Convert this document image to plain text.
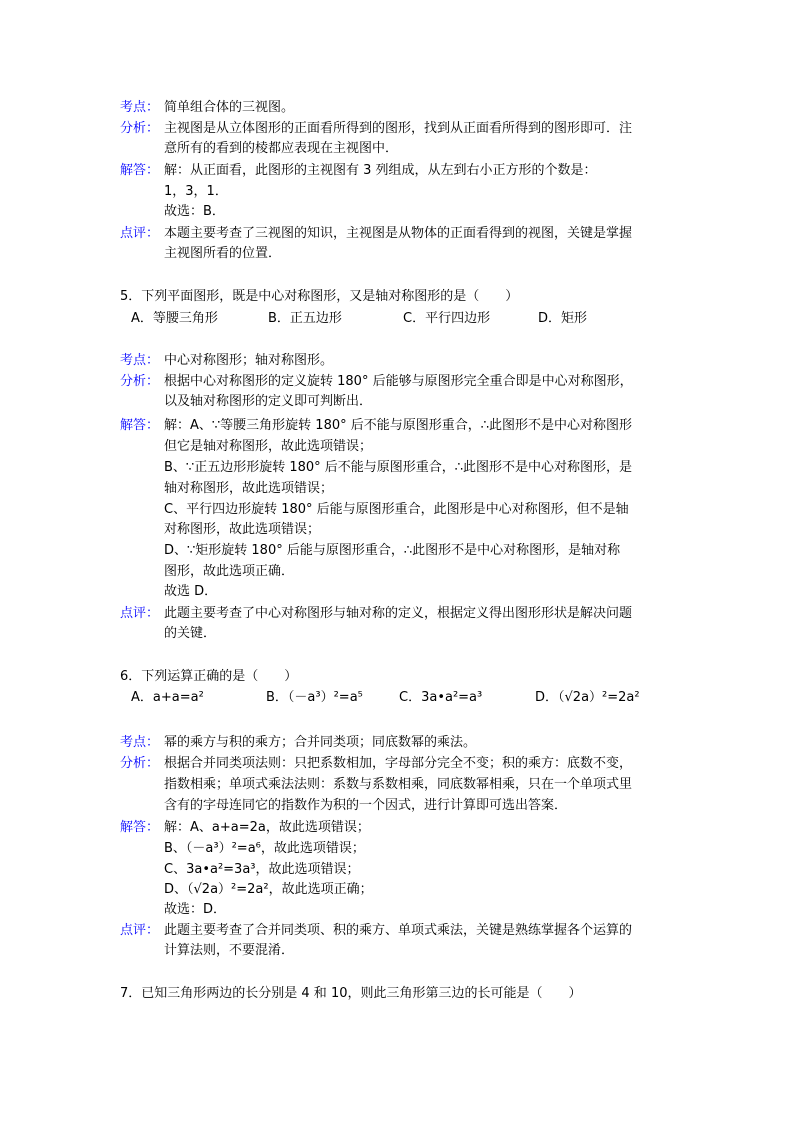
考点： 简单组合体的三视图。
分析： 主视图是从立体图形的正面看所得到的图形，找到从正面看所得到的图形即可．注
意所有的看到的棱都应表现在主视图中．
解答： 解：从正面看，此图形的主视图有 3 列组成，从左到右小正方形的个数是：
1，3，1．
故选：B．
点评： 本题主要考查了三视图的知识，主视图是从物体的正面看得到的视图，关键是掌握
主视图所看的位置．
5．下列平面图形，既是中心对称图形，又是轴对称图形的是（　　）
A．等腰三角形	B．正五边形	C．平行四边形	D．矩形
考点： 中心对称图形；轴对称图形。
分析： 根据中心对称图形的定义旋转 180° 后能够与原图形完全重合即是中心对称图形，
以及轴对称图形的定义即可判断出．
解答： 解：A、∵等腰三角形旋转 180° 后不能与原图形重合，∴此图形不是中心对称图形
但它是轴对称图形，故此选项错误；
B、∵正五边形形旋转 180° 后不能与原图形重合，∴此图形不是中心对称图形，是
轴对称图形，故此选项错误；
C、平行四边形旋转 180° 后能与原图形重合，此图形是中心对称图形，但不是轴
对称图形，故此选项错误；
D、∵矩形旋转 180° 后能与原图形重合，∴此图形不是中心对称图形，是轴对称
图形，故此选项正确．
故选 D．
点评： 此题主要考查了中心对称图形与轴对称的定义，根据定义得出图形形状是解决问题
的关键．
6．下列运算正确的是（　　）
A．a+a=a²	B．（－a³）²=a⁵	C．3a•a²=a³	D．（√2a）²=2a²
考点： 幂的乘方与积的乘方；合并同类项；同底数幂的乘法。
分析： 根据合并同类项法则：只把系数相加，字母部分完全不变；积的乘方：底数不变，
指数相乘；单项式乘法法则：系数与系数相乘，同底数幂相乘，只在一个单项式里
含有的字母连同它的指数作为积的一个因式，进行计算即可选出答案．
解答： 解：A、a+a=2a，故此选项错误；
B、（－a³）²=a⁶，故此选项错误；
C、3a•a²=3a³，故此选项错误；
D、（√2a）²=2a²，故此选项正确；
故选：D．
点评： 此题主要考查了合并同类项、积的乘方、单项式乘法，关键是熟练掌握各个运算的
计算法则，不要混淆．
7．已知三角形两边的长分别是 4 和 10，则此三角形第三边的长可能是（　　）
